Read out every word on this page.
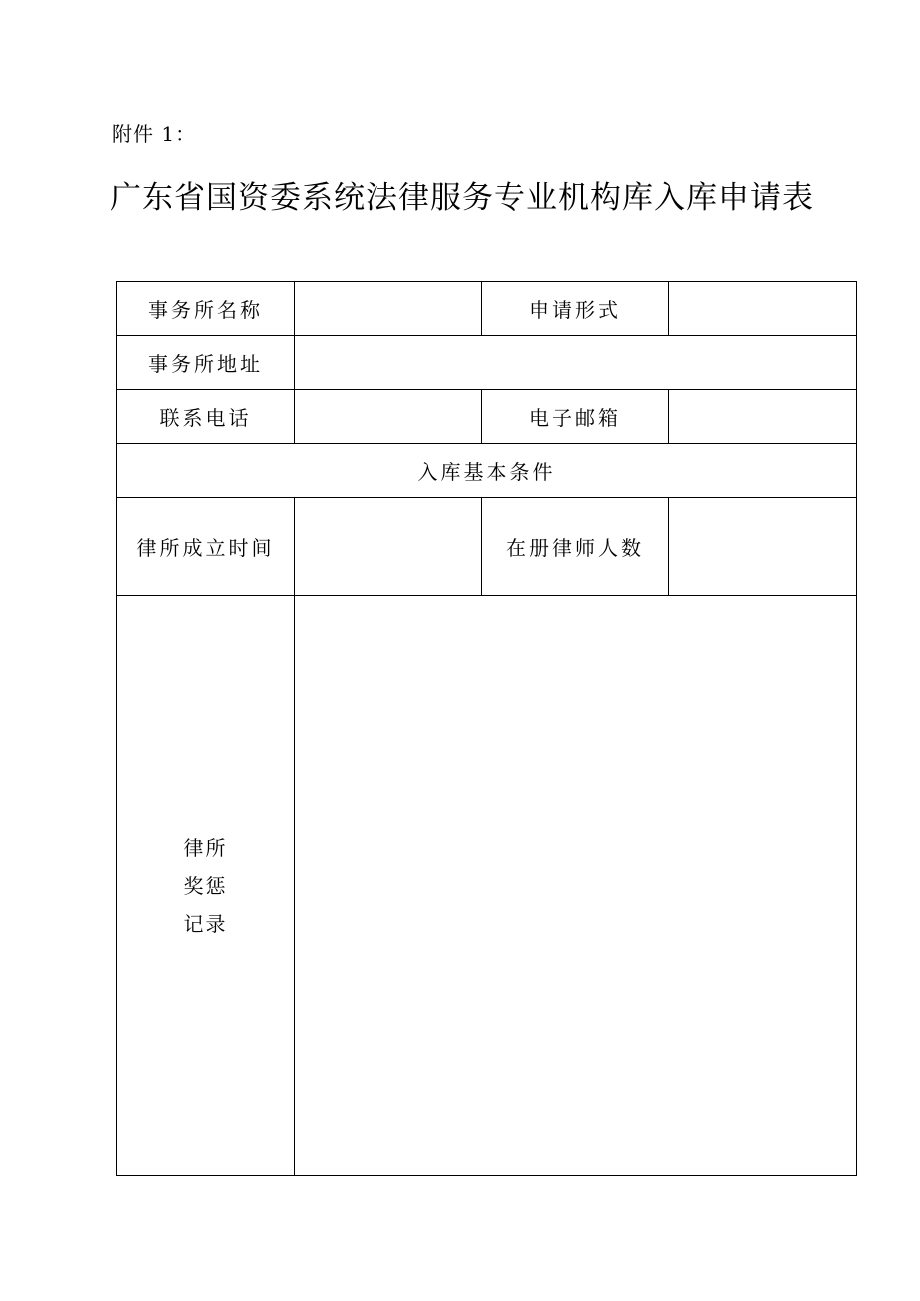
附件 1：
广东省国资委系统法律服务专业机构库入库申请表
事务所名称		申请形式	
事务所地址			
联系电话		电子邮箱	
入库基本条件			
律所成立时间		在册律师人数	

律所
奖惩
记录			
